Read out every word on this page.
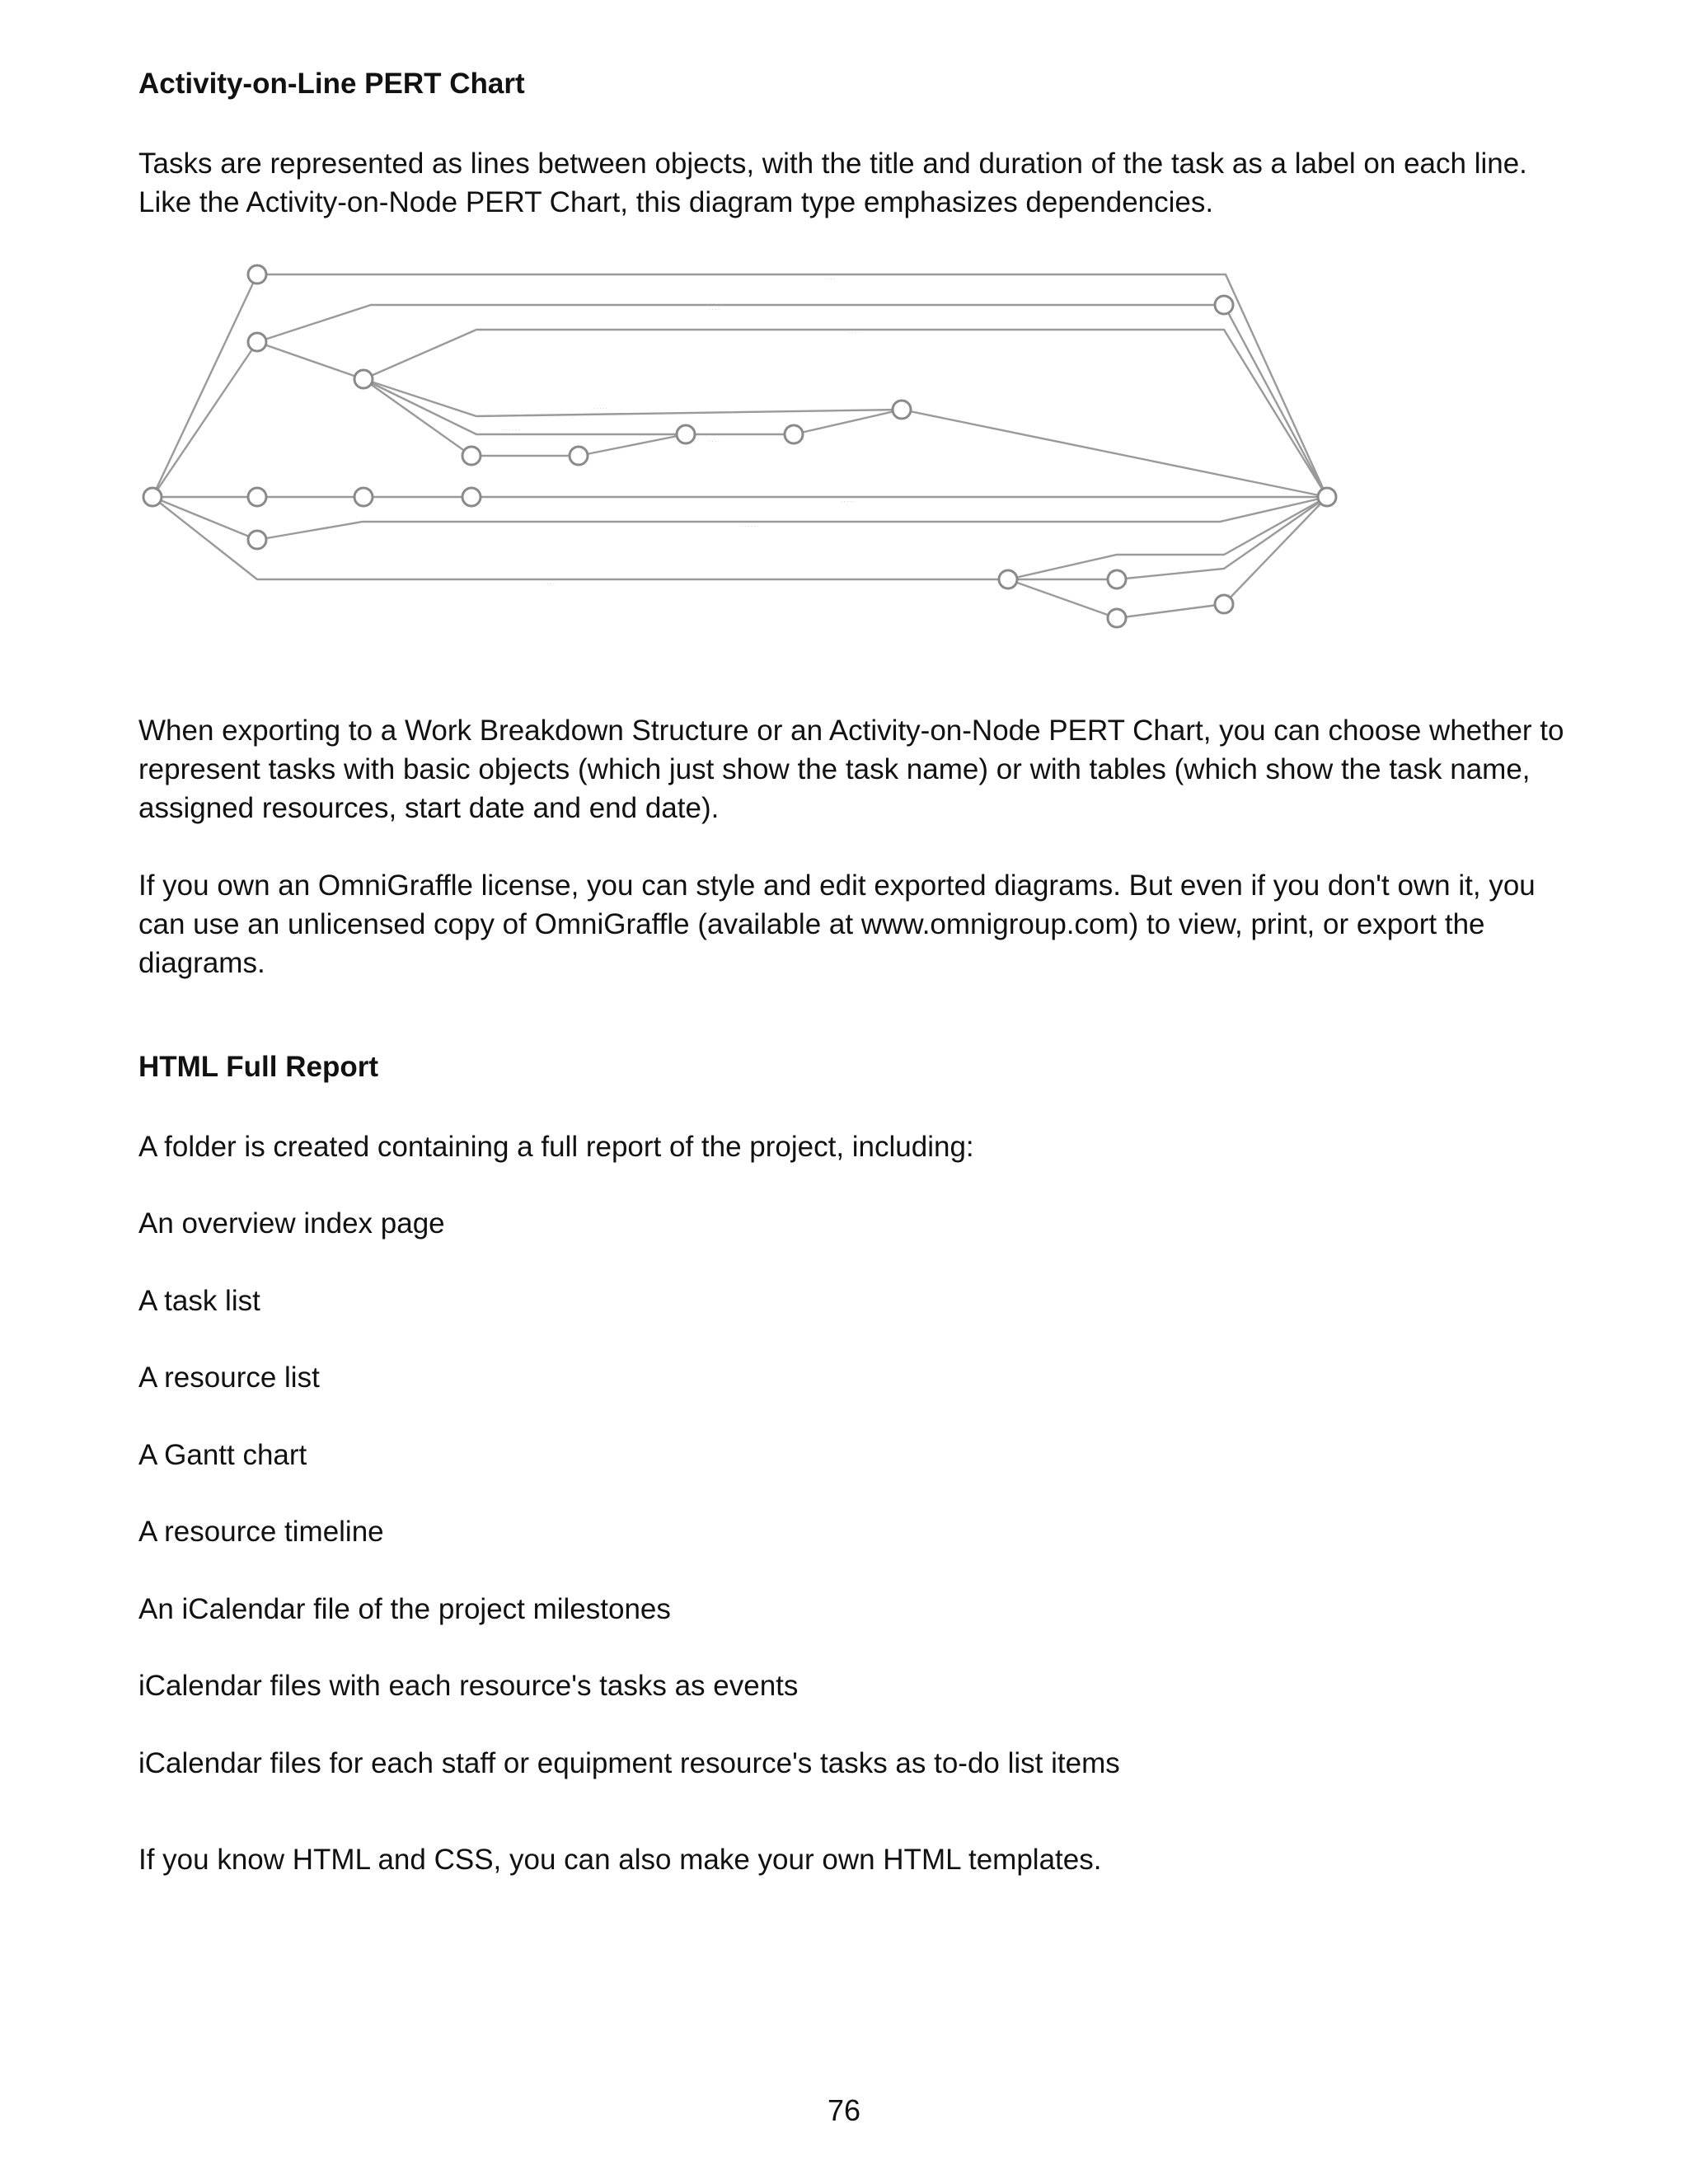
Activity-on-Line PERT Chart

Tasks are represented as lines between objects, with the title and duration of the task as a label on each line. Like the Activity-on-Node PERT Chart, this diagram type emphasizes dependencies.

· · · ·
· · · ·
· · · · ·
· · · · ·
· · · · · ·
· · · ·
· · · · ·
· · · · · ·
· · · ·

When exporting to a Work Breakdown Structure or an Activity-on-Node PERT Chart, you can choose whether to represent tasks with basic objects (which just show the task name) or with tables (which show the task name, assigned resources, start date and end date).

If you own an OmniGraffle license, you can style and edit exported diagrams. But even if you don't own it, you can use an unlicensed copy of OmniGraffle (available at www.omnigroup.com) to view, print, or export the diagrams.

HTML Full Report

A folder is created containing a full report of the project, including:

An overview index page

A task list

A resource list

A Gantt chart

A resource timeline

An iCalendar file of the project milestones

iCalendar files with each resource's tasks as events

iCalendar files for each staff or equipment resource's tasks as to-do list items

If you know HTML and CSS, you can also make your own HTML templates.

76
